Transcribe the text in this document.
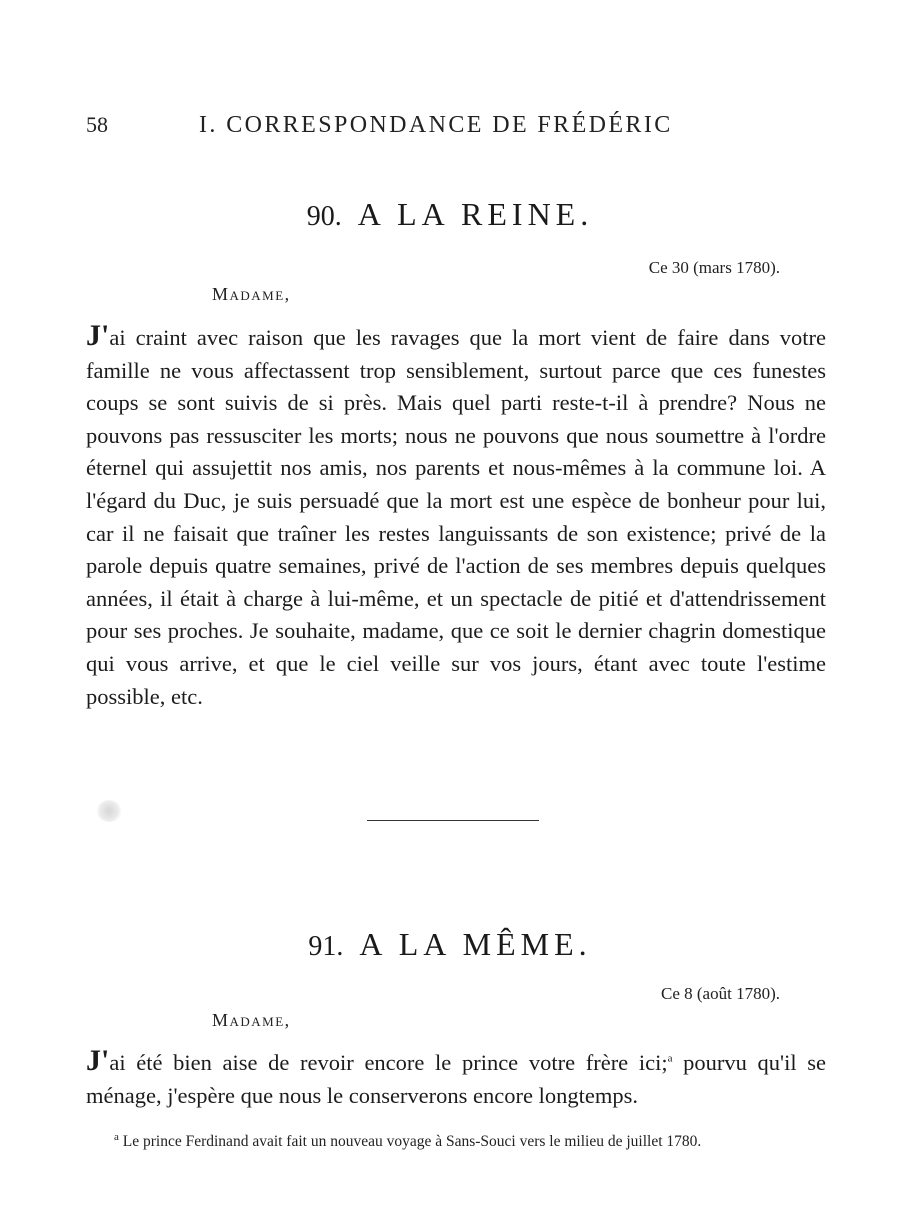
58	I. CORRESPONDANCE DE FRÉDÉRIC
90. A LA REINE.
Ce 30 (mars 1780).
Madame,

J'ai craint avec raison que les ravages que la mort vient de faire dans votre famille ne vous affectassent trop sensiblement, surtout parce que ces funestes coups se sont suivis de si près. Mais quel parti reste-t-il à prendre? Nous ne pouvons pas ressusciter les morts; nous ne pouvons que nous soumettre à l'ordre éternel qui assujettit nos amis, nos parents et nous-mêmes à la commune loi. A l'égard du Duc, je suis persuadé que la mort est une espèce de bonheur pour lui, car il ne faisait que traîner les restes languissants de son existence; privé de la parole depuis quatre semaines, privé de l'action de ses membres depuis quelques années, il était à charge à lui-même, et un spectacle de pitié et d'attendrissement pour ses proches. Je souhaite, madame, que ce soit le dernier chagrin domestique qui vous arrive, et que le ciel veille sur vos jours, étant avec toute l'estime possible, etc.

91. A LA MÊME.
Ce 8 (août 1780).
Madame,

J'ai été bien aise de revoir encore le prince votre frère ici;$^a$ pourvu qu'il se ménage, j'espère que nous le conserverons encore longtemps.

$^a$ Le prince Ferdinand avait fait un nouveau voyage à Sans-Souci vers le milieu de juillet 1780.
